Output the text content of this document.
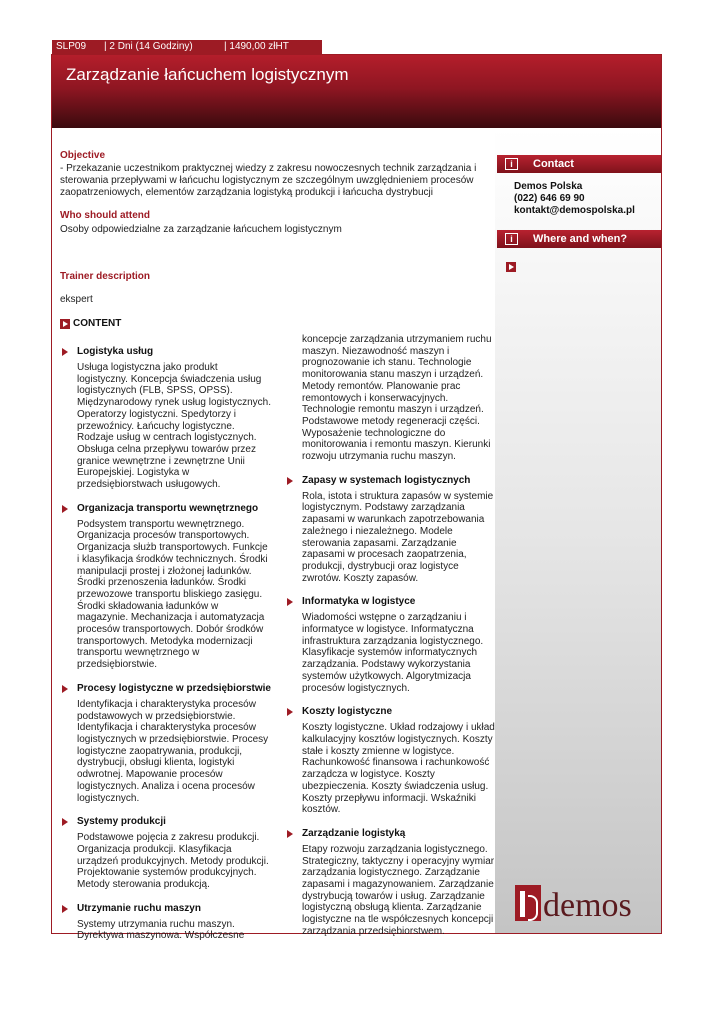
SLP09	| 2 Dni (14 Godziny)	| 1490,00 złHT
Zarządzanie łańcuchem logistycznym
i	Contact
Demos Polska
(022) 646 69 90
kontakt@demospolska.pl
i	Where and when?
Objective
- Przekazanie uczestnikom praktycznej wiedzy z zakresu nowoczesnych technik zarządzania i
sterowania przepływami w łańcuchu logistycznym ze szczególnym uwzględnieniem procesów
zaopatrzeniowych, elementów zarządzania logistyką produkcji i łańcucha dystrybucji
Who should attend
Osoby odpowiedzialne za zarządzanie łańcuchem logistycznym
Trainer description
ekspert
CONTENT
Logistyka usług
Usługa logistyczna jako produkt
logistyczny. Koncepcja świadczenia usług
logistycznych (FLB, SPSS, OPSS).
Międzynarodowy rynek usług logistycznych.
Operatorzy logistyczni. Spedytorzy i
przewoźnicy. Łańcuchy logistyczne.
Rodzaje usług w centrach logistycznych.
Obsługa celna przepływu towarów przez
granice wewnętrzne i zewnętrzne Unii
Europejskiej. Logistyka w
przedsiębiorstwach usługowych.
Organizacja transportu wewnętrznego
Podsystem transportu wewnętrznego.
Organizacja procesów transportowych.
Organizacja służb transportowych. Funkcje
i klasyfikacja środków technicznych. Środki
manipulacji prostej i złożonej ładunków.
Środki przenoszenia ładunków. Środki
przewozowe transportu bliskiego zasięgu.
Środki składowania ładunków w
magazynie. Mechanizacja i automatyzacja
procesów transportowych. Dobór środków
transportowych. Metodyka modernizacji
transportu wewnętrznego w
przedsiębiorstwie.
Procesy logistyczne w przedsiębiorstwie
Identyfikacja i charakterystyka procesów
podstawowych w przedsiębiorstwie.
Identyfikacja i charakterystyka procesów
logistycznych w przedsiębiorstwie. Procesy
logistyczne zaopatrywania, produkcji,
dystrybucji, obsługi klienta, logistyki
odwrotnej. Mapowanie procesów
logistycznych. Analiza i ocena procesów
logistycznych.
Systemy produkcji
Podstawowe pojęcia z zakresu produkcji.
Organizacja produkcji. Klasyfikacja
urządzeń produkcyjnych. Metody produkcji.
Projektowanie systemów produkcyjnych.
Metody sterowania produkcją.
Utrzymanie ruchu maszyn
Systemy utrzymania ruchu maszyn.
Dyrektywa maszynowa. Współczesne
koncepcje zarządzania utrzymaniem ruchu
maszyn. Niezawodność maszyn i
prognozowanie ich stanu. Technologie
monitorowania stanu maszyn i urządzeń.
Metody remontów. Planowanie prac
remontowych i konserwacyjnych.
Technologie remontu maszyn i urządzeń.
Podstawowe metody regeneracji części.
Wyposażenie technologiczne do
monitorowania i remontu maszyn. Kierunki
rozwoju utrzymania ruchu maszyn.
Zapasy w systemach logistycznych
Rola, istota i struktura zapasów w systemie
logistycznym. Podstawy zarządzania
zapasami w warunkach zapotrzebowania
zależnego i niezależnego. Modele
sterowania zapasami. Zarządzanie
zapasami w procesach zaopatrzenia,
produkcji, dystrybucji oraz logistyce
zwrotów. Koszty zapasów.
Informatyka w logistyce
Wiadomości wstępne o zarządzaniu i
informatyce w logistyce. Informatyczna
infrastruktura zarządzania logistycznego.
Klasyfikacje systemów informatycznych
zarządzania. Podstawy wykorzystania
systemów użytkowych. Algorytmizacja
procesów logistycznych.
Koszty logistyczne
Koszty logistyczne. Układ rodzajowy i układ
kalkulacyjny kosztów logistycznych. Koszty
stałe i koszty zmienne w logistyce.
Rachunkowość finansowa i rachunkowość
zarządcza w logistyce. Koszty
ubezpieczenia. Koszty świadczenia usług.
Koszty przepływu informacji. Wskaźniki
kosztów.
Zarządzanie logistyką
Etapy rozwoju zarządzania logistycznego.
Strategiczny, taktyczny i operacyjny wymiar
zarządzania logistycznego. Zarządzanie
zapasami i magazynowaniem. Zarządzanie
dystrybucją towarów i usług. Zarządzanie
logistyczną obsługą klienta. Zarządzanie
logistyczne na tle współczesnych koncepcji
zarządzania przedsiębiorstwem.
demos
